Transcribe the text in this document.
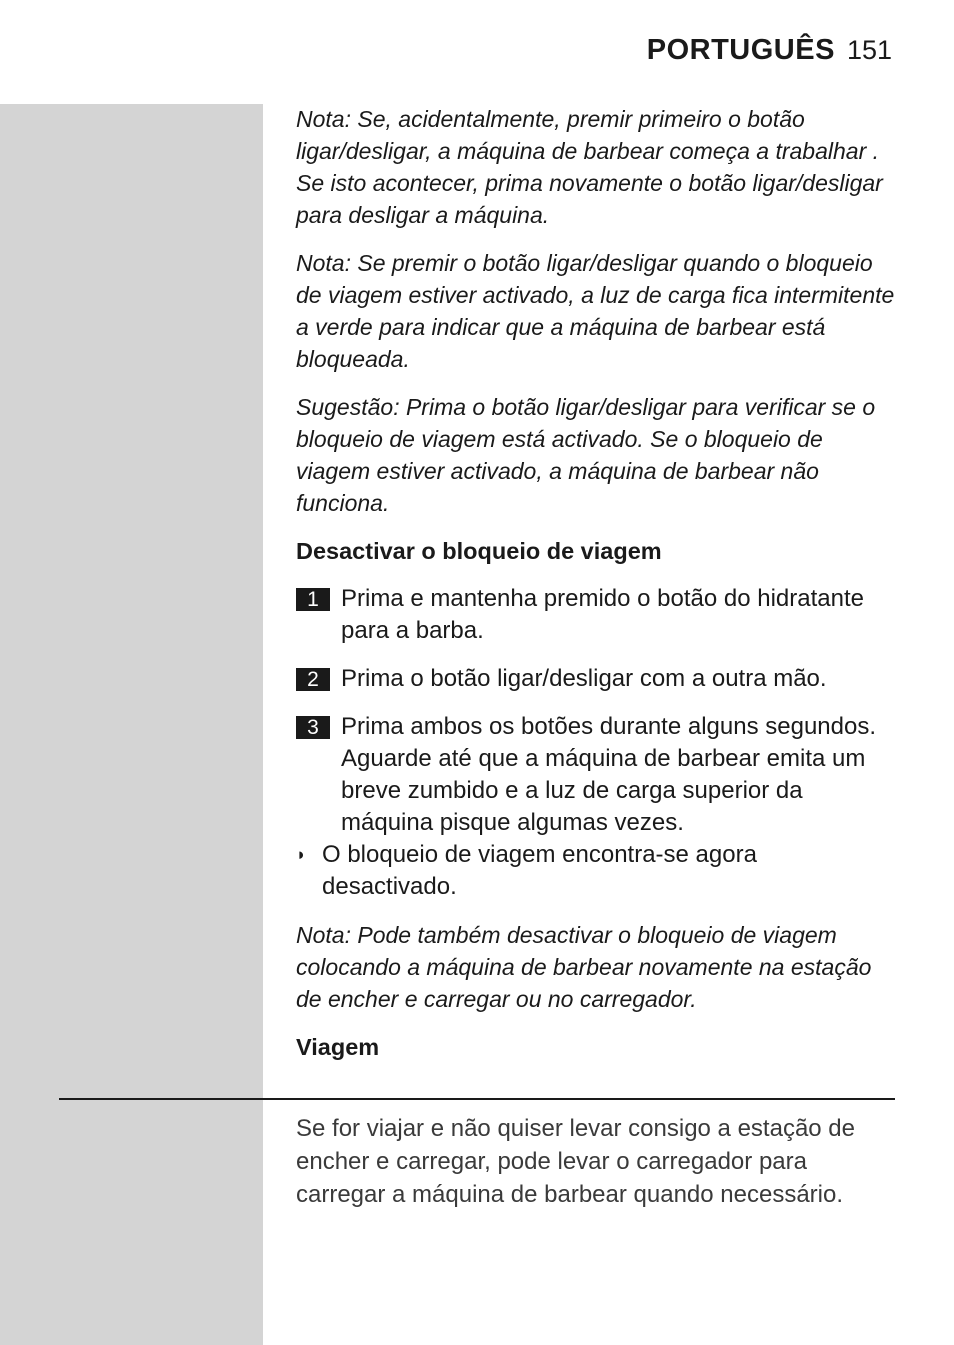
PORTUGUÊS 151

Nota: Se, acidentalmente, premir primeiro o botão ligar/desligar, a máquina de barbear começa a trabalhar . Se isto acontecer, prima novamente o botão ligar/desligar para desligar a máquina.

Nota: Se premir o botão ligar/desligar quando o bloqueio de viagem estiver activado, a luz de carga fica intermitente a verde para indicar que a máquina de barbear está bloqueada.

Sugestão: Prima o botão ligar/desligar para verificar se o bloqueio de viagem está activado. Se o bloqueio de viagem estiver activado, a máquina de barbear não funciona.

Desactivar o bloqueio de viagem
1 Prima e mantenha premido o botão do hidratante para a barba.
2 Prima o botão ligar/desligar com a outra mão.
3 Prima ambos os botões durante alguns segundos. Aguarde até que a máquina de barbear emita um breve zumbido e a luz de carga superior da máquina pisque algumas vezes.
◗ O bloqueio de viagem encontra-se agora desactivado.

Nota: Pode também desactivar o bloqueio de viagem colocando a máquina de barbear novamente na estação de encher e carregar ou no carregador.

Viagem
Se for viajar e não quiser levar consigo a estação de encher e carregar, pode levar o carregador para carregar a máquina de barbear quando necessário.
